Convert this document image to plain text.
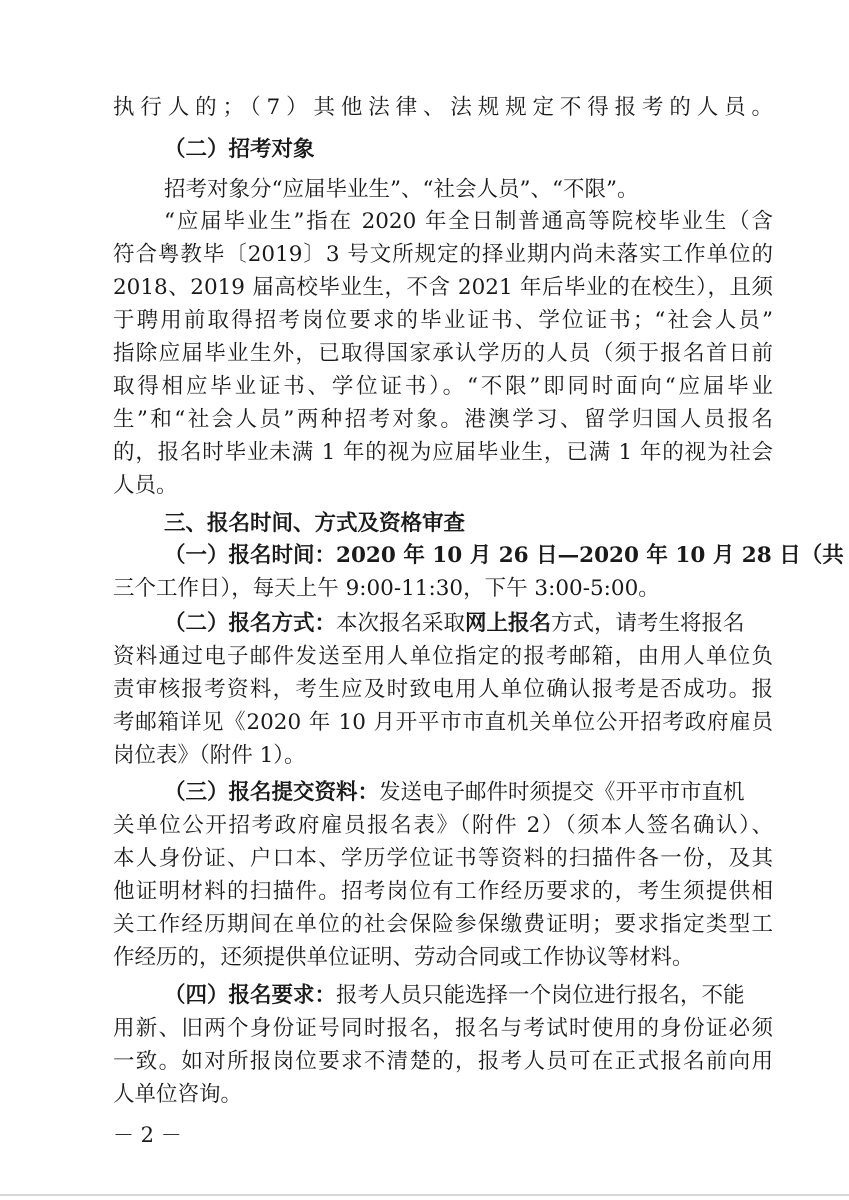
执行人的；（7）其他法律、法规规定不得报考的人员。
（二）招考对象
招考对象分“应届毕业生”、“社会人员”、“不限”。
“应届毕业生”指在 2020 年全日制普通高等院校毕业生（含
符合粤教毕〔2019〕3 号文所规定的择业期内尚未落实工作单位的
2018、2019 届高校毕业生，不含 2021 年后毕业的在校生），且须
于聘用前取得招考岗位要求的毕业证书、学位证书；“社会人员”
指除应届毕业生外，已取得国家承认学历的人员（须于报名首日前
取得相应毕业证书、学位证书）。“不限”即同时面向“应届毕业
生”和“社会人员”两种招考对象。港澳学习、留学归国人员报名
的，报名时毕业未满 1 年的视为应届毕业生，已满 1 年的视为社会
人员。
三、报名时间、方式及资格审查
（一）报名时间：2020 年 10 月 26 日—2020 年 10 月 28 日（共
三个工作日），每天上午 9:00-11:30，下午 3:00-5:00。
（二）报名方式：本次报名采取网上报名方式，请考生将报名
资料通过电子邮件发送至用人单位指定的报考邮箱，由用人单位负
责审核报考资料，考生应及时致电用人单位确认报考是否成功。报
考邮箱详见《2020 年 10 月开平市市直机关单位公开招考政府雇员
岗位表》（附件 1）。
（三）报名提交资料：发送电子邮件时须提交《开平市市直机
关单位公开招考政府雇员报名表》（附件 2）（须本人签名确认）、
本人身份证、户口本、学历学位证书等资料的扫描件各一份，及其
他证明材料的扫描件。招考岗位有工作经历要求的，考生须提供相
关工作经历期间在单位的社会保险参保缴费证明；要求指定类型工
作经历的，还须提供单位证明、劳动合同或工作协议等材料。
（四）报名要求：报考人员只能选择一个岗位进行报名，不能
用新、旧两个身份证号同时报名，报名与考试时使用的身份证必须
一致。如对所报岗位要求不清楚的，报考人员可在正式报名前向用
人单位咨询。
－ 2 －
